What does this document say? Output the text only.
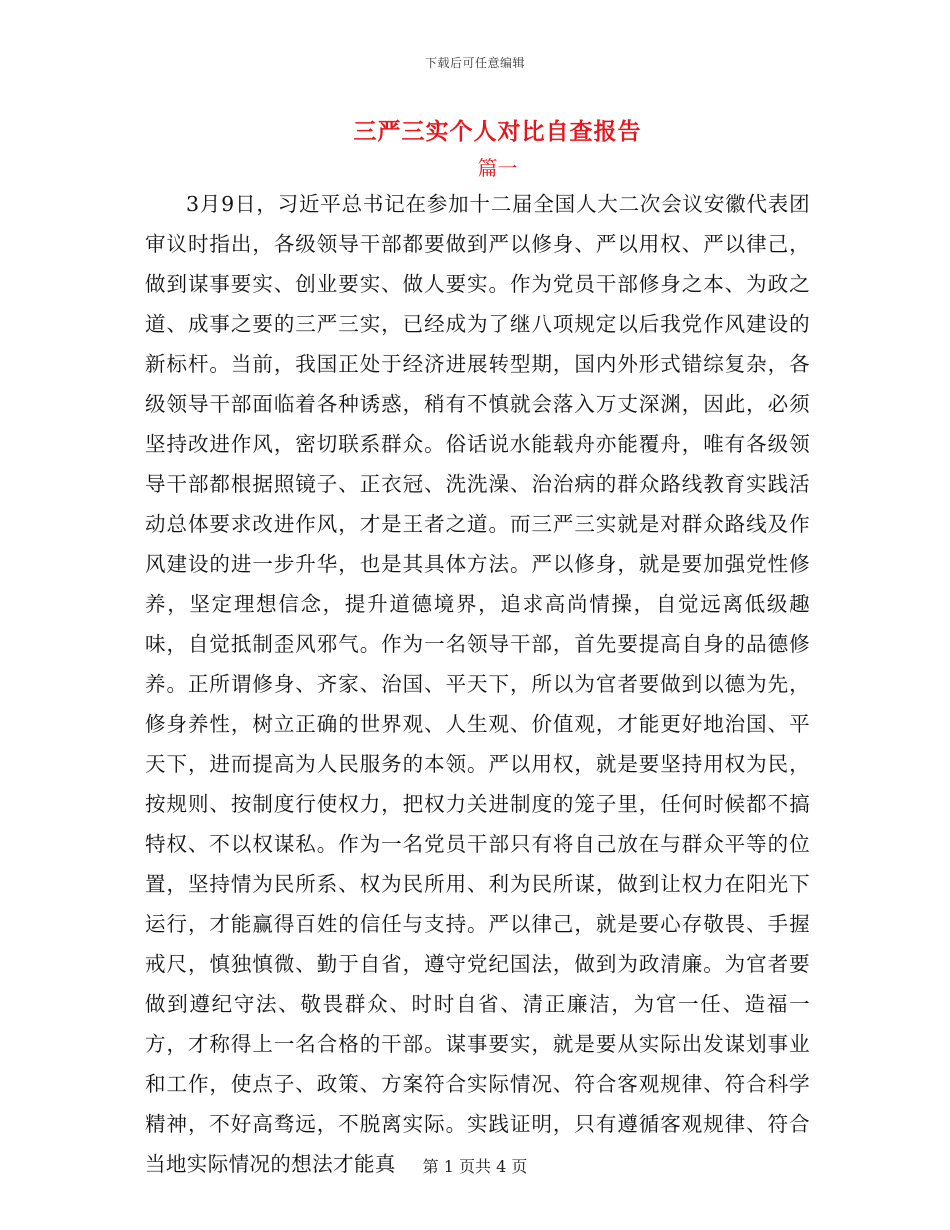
下载后可任意编辑
三严三实个人对比自查报告
篇一

3月9日，习近平总书记在参加十二届全国人大二次会议安徽代表团审议时指出，各级领导干部都要做到严以修身、严以用权、严以律己，做到谋事要实、创业要实、做人要实。作为党员干部修身之本、为政之道、成事之要的三严三实，已经成为了继八项规定以后我党作风建设的新标杆。当前，我国正处于经济进展转型期，国内外形式错综复杂，各级领导干部面临着各种诱惑，稍有不慎就会落入万丈深渊，因此，必须坚持改进作风，密切联系群众。俗话说水能载舟亦能覆舟，唯有各级领导干部都根据照镜子、正衣冠、洗洗澡、治治病的群众路线教育实践活动总体要求改进作风，才是王者之道。而三严三实就是对群众路线及作风建设的进一步升华，也是其具体方法。严以修身，就是要加强党性修养，坚定理想信念，提升道德境界，追求高尚情操，自觉远离低级趣味，自觉抵制歪风邪气。作为一名领导干部，首先要提高自身的品德修养。正所谓修身、齐家、治国、平天下，所以为官者要做到以德为先，修身养性，树立正确的世界观、人生观、价值观，才能更好地治国、平天下，进而提高为人民服务的本领。严以用权，就是要坚持用权为民，按规则、按制度行使权力，把权力关进制度的笼子里，任何时候都不搞特权、不以权谋私。作为一名党员干部只有将自己放在与群众平等的位置，坚持情为民所系、权为民所用、利为民所谋，做到让权力在阳光下运行，才能赢得百姓的信任与支持。严以律己，就是要心存敬畏、手握戒尺，慎独慎微、勤于自省，遵守党纪国法，做到为政清廉。为官者要做到遵纪守法、敬畏群众、时时自省、清正廉洁，为官一任、造福一方，才称得上一名合格的干部。谋事要实，就是要从实际出发谋划事业和工作，使点子、政策、方案符合实际情况、符合客观规律、符合科学精神，不好高骛远，不脱离实际。实践证明，只有遵循客观规律、符合当地实际情况的想法才能真	第 1 页共 4 页
